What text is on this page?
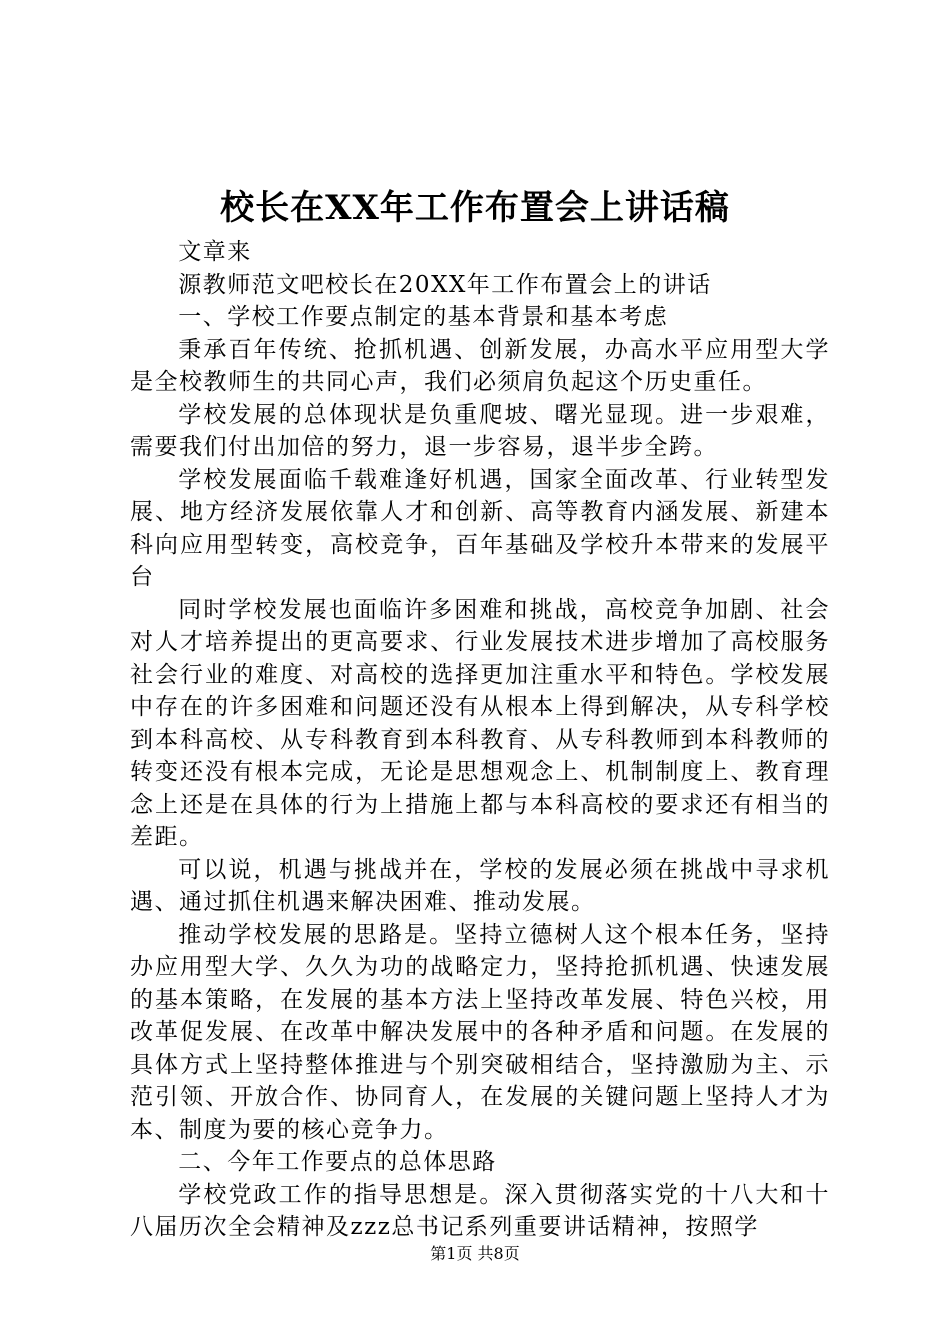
校长在XX年工作布置会上讲话稿

文章来

源教师范文吧校长在20XX年工作布置会上的讲话

一、学校工作要点制定的基本背景和基本考虑

秉承百年传统、抢抓机遇、创新发展，办高水平应用型大学是全校教师生的共同心声，我们必须肩负起这个历史重任。

学校发展的总体现状是负重爬坡、曙光显现。进一步艰难，需要我们付出加倍的努力，退一步容易，退半步全跨。

学校发展面临千载难逢好机遇，国家全面改革、行业转型发展、地方经济发展依靠人才和创新、高等教育内涵发展、新建本科向应用型转变，高校竞争，百年基础及学校升本带来的发展平台

同时学校发展也面临许多困难和挑战，高校竞争加剧、社会对人才培养提出的更高要求、行业发展技术进步增加了高校服务社会行业的难度、对高校的选择更加注重水平和特色。学校发展中存在的许多困难和问题还没有从根本上得到解决，从专科学校到本科高校、从专科教育到本科教育、从专科教师到本科教师的转变还没有根本完成，无论是思想观念上、机制制度上、教育理念上还是在具体的行为上措施上都与本科高校的要求还有相当的差距。

可以说，机遇与挑战并在，学校的发展必须在挑战中寻求机遇、通过抓住机遇来解决困难、推动发展。

推动学校发展的思路是。坚持立德树人这个根本任务，坚持办应用型大学、久久为功的战略定力，坚持抢抓机遇、快速发展的基本策略，在发展的基本方法上坚持改革发展、特色兴校，用改革促发展、在改革中解决发展中的各种矛盾和问题。在发展的具体方式上坚持整体推进与个别突破相结合，坚持激励为主、示范引领、开放合作、协同育人，在发展的关键问题上坚持人才为本、制度为要的核心竞争力。

二、今年工作要点的总体思路

学校党政工作的指导思想是。深入贯彻落实党的十八大和十八届历次全会精神及zzz总书记系列重要讲话精神，按照学

第1页 共8页
